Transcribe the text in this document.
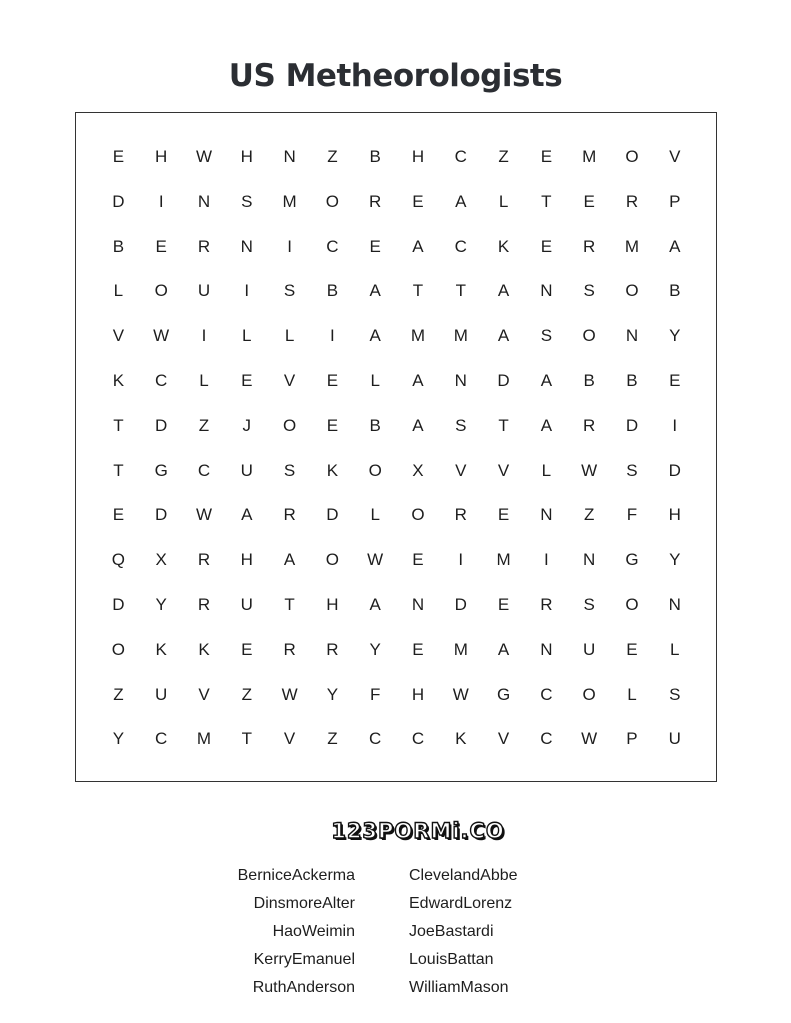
US Metheorologists
E	H	W	H	N	Z	B	H	C	Z	E	M	O	V
D	I	N	S	M	O	R	E	A	L	T	E	R	P
B	E	R	N	I	C	E	A	C	K	E	R	M	A
L	O	U	I	S	B	A	T	T	A	N	S	O	B
V	W	I	L	L	I	A	M	M	A	S	O	N	Y
K	C	L	E	V	E	L	A	N	D	A	B	B	E
T	D	Z	J	O	E	B	A	S	T	A	R	D	I
T	G	C	U	S	K	O	X	V	V	L	W	S	D
E	D	W	A	R	D	L	O	R	E	N	Z	F	H
Q	X	R	H	A	O	W	E	I	M	I	N	G	Y
D	Y	R	U	T	H	A	N	D	E	R	S	O	N
O	K	K	E	R	R	Y	E	M	A	N	U	E	L
Z	U	V	Z	W	Y	F	H	W	G	C	O	L	S
Y	C	M	T	V	Z	C	C	K	V	C	W	P	U
123PORMi.CO
BerniceAckerma
DinsmoreAlter
HaoWeimin
KerryEmanuel
RuthAnderson
ClevelandAbbe
EdwardLorenz
JoeBastardi
LouisBattan
WilliamMason
